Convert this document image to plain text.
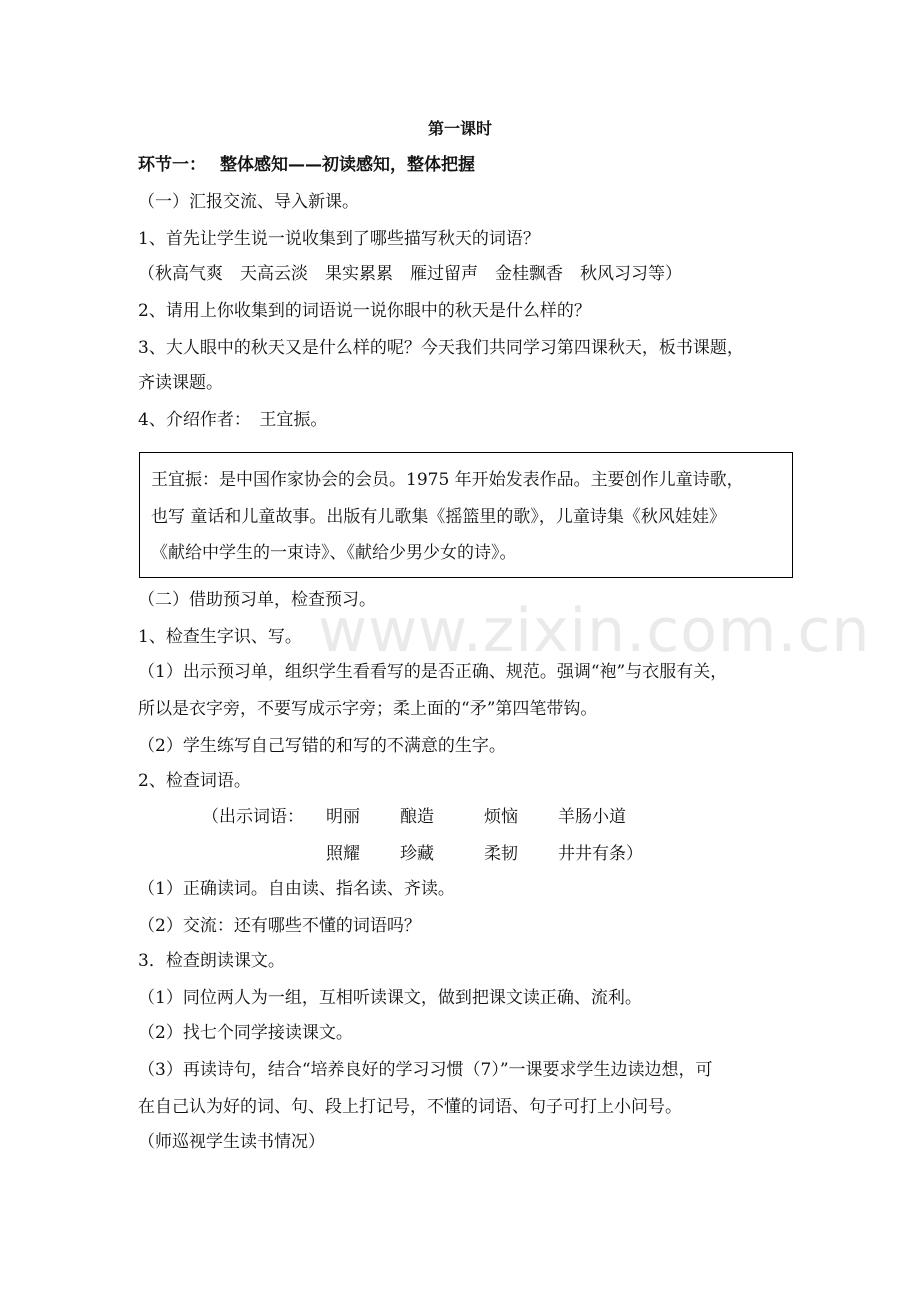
第一课时
环节一： 整体感知——初读感知，整体把握
（一）汇报交流、导入新课。
1、首先让学生说一说收集到了哪些描写秋天的词语？
（秋高气爽　天高云淡　果实累累　雁过留声　金桂飘香　秋风习习等）
2、请用上你收集到的词语说一说你眼中的秋天是什么样的？
3、大人眼中的秋天又是什么样的呢？今天我们共同学习第四课秋天，板书课题，
齐读课题。
4、介绍作者：　王宜振。
王宜振：是中国作家协会的会员。1975 年开始发表作品。主要创作儿童诗歌，
也写 童话和儿童故事。出版有儿歌集《摇篮里的歌》，儿童诗集《秋风娃娃》
《献给中学生的一束诗》、《献给少男少女的诗》。
www.zixin.com.cn
（二）借助预习单，检查预习。
1、检查生字识、写。
（1）出示预习单，组织学生看看写的是否正确、规范。强调“袍”与衣服有关，
所以是衣字旁，不要写成示字旁；柔上面的“矛”第四笔带钩。
（2）学生练写自己写错的和写的不满意的生字。
2、检查词语。
（出示词语： 明丽 酿造	烦恼 羊肠小道
照耀 珍藏	柔韧 井井有条）
（1）正确读词。自由读、指名读、齐读。
（2）交流：还有哪些不懂的词语吗？
3．检查朗读课文。
（1）同位两人为一组，互相听读课文，做到把课文读正确、流利。
（2）找七个同学接读课文。
（3）再读诗句，结合“培养良好的学习习惯（7）”一课要求学生边读边想，可
在自己认为好的词、句、段上打记号，不懂的词语、句子可打上小问号。
（师巡视学生读书情况）
